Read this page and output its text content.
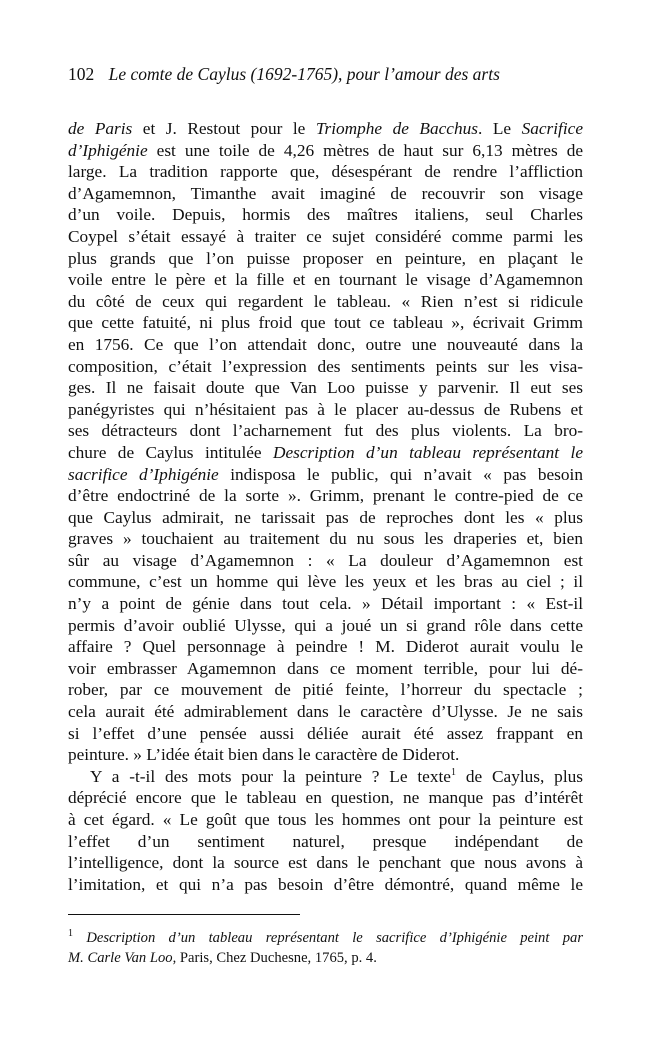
102 Le comte de Caylus (1692-1765), pour l’amour des arts
de Paris et J. Restout pour le Triomphe de Bacchus. Le Sacrifice
d’Iphigénie est une toile de 4,26 mètres de haut sur 6,13 mètres de
large. La tradition rapporte que, désespérant de rendre l’affliction
d’Agamemnon, Timanthe avait imaginé de recouvrir son visage
d’un voile. Depuis, hormis des maîtres italiens, seul Charles
Coypel s’était essayé à traiter ce sujet considéré comme parmi les
plus grands que l’on puisse proposer en peinture, en plaçant le
voile entre le père et la fille et en tournant le visage d’Agamemnon
du côté de ceux qui regardent le tableau. « Rien n’est si ridicule
que cette fatuité, ni plus froid que tout ce tableau », écrivait Grimm
en 1756. Ce que l’on attendait donc, outre une nouveauté dans la
composition, c’était l’expression des sentiments peints sur les visa-
ges. Il ne faisait doute que Van Loo puisse y parvenir. Il eut ses
panégyristes qui n’hésitaient pas à le placer au-dessus de Rubens et
ses détracteurs dont l’acharnement fut des plus violents. La bro-
chure de Caylus intitulée Description d’un tableau représentant le
sacrifice d’Iphigénie indisposa le public, qui n’avait « pas besoin
d’être endoctriné de la sorte ». Grimm, prenant le contre-pied de ce
que Caylus admirait, ne tarissait pas de reproches dont les « plus
graves » touchaient au traitement du nu sous les draperies et, bien
sûr au visage d’Agamemnon : « La douleur d’Agamemnon est
commune, c’est un homme qui lève les yeux et les bras au ciel ; il
n’y a point de génie dans tout cela. » Détail important : « Est-il
permis d’avoir oublié Ulysse, qui a joué un si grand rôle dans cette
affaire ? Quel personnage à peindre ! M. Diderot aurait voulu le
voir embrasser Agamemnon dans ce moment terrible, pour lui dé-
rober, par ce mouvement de pitié feinte, l’horreur du spectacle ;
cela aurait été admirablement dans le caractère d’Ulysse. Je ne sais
si l’effet d’une pensée aussi déliée aurait été assez frappant en
peinture. » L’idée était bien dans le caractère de Diderot.
Y a -t-il des mots pour la peinture ? Le texte$^1$ de Caylus, plus
déprécié encore que le tableau en question, ne manque pas d’intérêt
à cet égard. « Le goût que tous les hommes ont pour la peinture est
l’effet d’un sentiment naturel, presque indépendant de
l’intelligence, dont la source est dans le penchant que nous avons à
l’imitation, et qui n’a pas besoin d’être démontré, quand même le
$^1$ Description d’un tableau représentant le sacrifice d’Iphigénie peint par
M. Carle Van Loo, Paris, Chez Duchesne, 1765, p. 4.
